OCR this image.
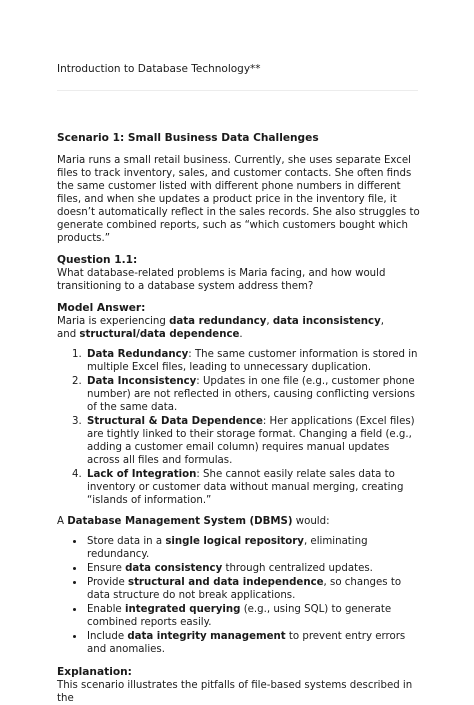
Introduction to Database Technology**
Scenario 1: Small Business Data Challenges

Maria runs a small retail business. Currently, she uses separate Excel files to track inventory, sales, and customer contacts. She often finds the same customer listed with different phone numbers in different files, and when she updates a product price in the inventory file, it doesn’t automatically reflect in the sales records. She also struggles to generate combined reports, such as “which customers bought which products.”

Question 1.1:

What database-related problems is Maria facing, and how would transitioning to a database system address them?

Model Answer:

Maria is experiencing data redundancy, data inconsistency,
and structural/data dependence.

1. Data Redundancy: The same customer information is stored in multiple Excel files, leading to unnecessary duplication.
2. Data Inconsistency: Updates in one file (e.g., customer phone number) are not reflected in others, causing conflicting versions of the same data.
3. Structural & Data Dependence: Her applications (Excel files) are tightly linked to their storage format. Changing a field (e.g., adding a customer email column) requires manual updates across all files and formulas.
4. Lack of Integration: She cannot easily relate sales data to inventory or customer data without manual merging, creating “islands of information.”

A Database Management System (DBMS) would:

• Store data in a single logical repository, eliminating redundancy.
• Ensure data consistency through centralized updates.
• Provide structural and data independence, so changes to data structure do not break applications.
• Enable integrated querying (e.g., using SQL) to generate combined reports easily.
• Include data integrity management to prevent entry errors and anomalies.
Explanation:

This scenario illustrates the pitfalls of file-based systems described in the
